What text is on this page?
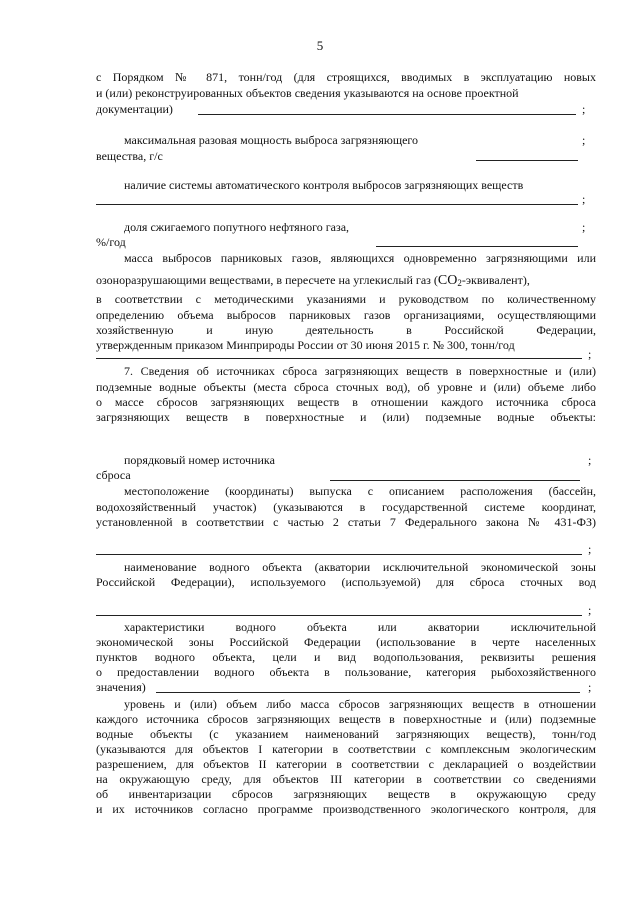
5
с Порядком № 871, тонн/год (для строящихся, вводимых в эксплуатацию новых
и (или) реконструированных объектов сведения указываются на основе проектной
документации)	;
максимальная разовая мощность выброса загрязняющего	;
вещества, г/с
наличие системы автоматического контроля выбросов загрязняющих веществ
;
доля сжигаемого попутного нефтяного газа,	;
%/год
масса выбросов парниковых газов, являющихся одновременно загрязняющими или
озоноразрушающими веществами, в пересчете на углекислый газ $(CO^2-эквивалент)$,
в соответствии с методическими указаниями и руководством по количественному
определению объема выбросов парниковых газов организациями, осуществляющими
хозяйственную и иную деятельность в Российской Федерации,
утвержденным приказом Минприроды России от 30 июня 2015 г. № 300, тонн/год
;
7. Сведения об источниках сброса загрязняющих веществ в поверхностные и (или)
подземные водные объекты (места сброса сточных вод), об уровне и (или) объеме либо
о массе сбросов загрязняющих веществ в отношении каждого источника сброса
загрязняющих веществ в поверхностные и (или) подземные водные объекты:
порядковый номер источника	;
сброса
местоположение (координаты) выпуска с описанием расположения (бассейн,
водохозяйственный участок) (указываются в государственной системе координат,
установленной в соответствии с частью 2 статьи 7 Федерального закона № 431-ФЗ)
;
наименование водного объекта (акватории исключительной экономической зоны
Российской Федерации), используемого (используемой) для сброса сточных вод
;
характеристики водного объекта или акватории исключительной
экономической зоны Российской Федерации (использование в черте населенных
пунктов водного объекта, цели и вид водопользования, реквизиты решения
о предоставлении водного объекта в пользование, категория рыбохозяйственного
значения)	;
уровень и (или) объем либо масса сбросов загрязняющих веществ в отношении
каждого источника сбросов загрязняющих веществ в поверхностные и (или) подземные
водные объекты (с указанием наименований загрязняющих веществ), тонн/год
(указываются для объектов I категории в соответствии с комплексным экологическим
разрешением, для объектов II категории в соответствии с декларацией о воздействии
на окружающую среду, для объектов III категории в соответствии со сведениями
об инвентаризации сбросов загрязняющих веществ в окружающую среду
и их источников согласно программе производственного экологического контроля, для
